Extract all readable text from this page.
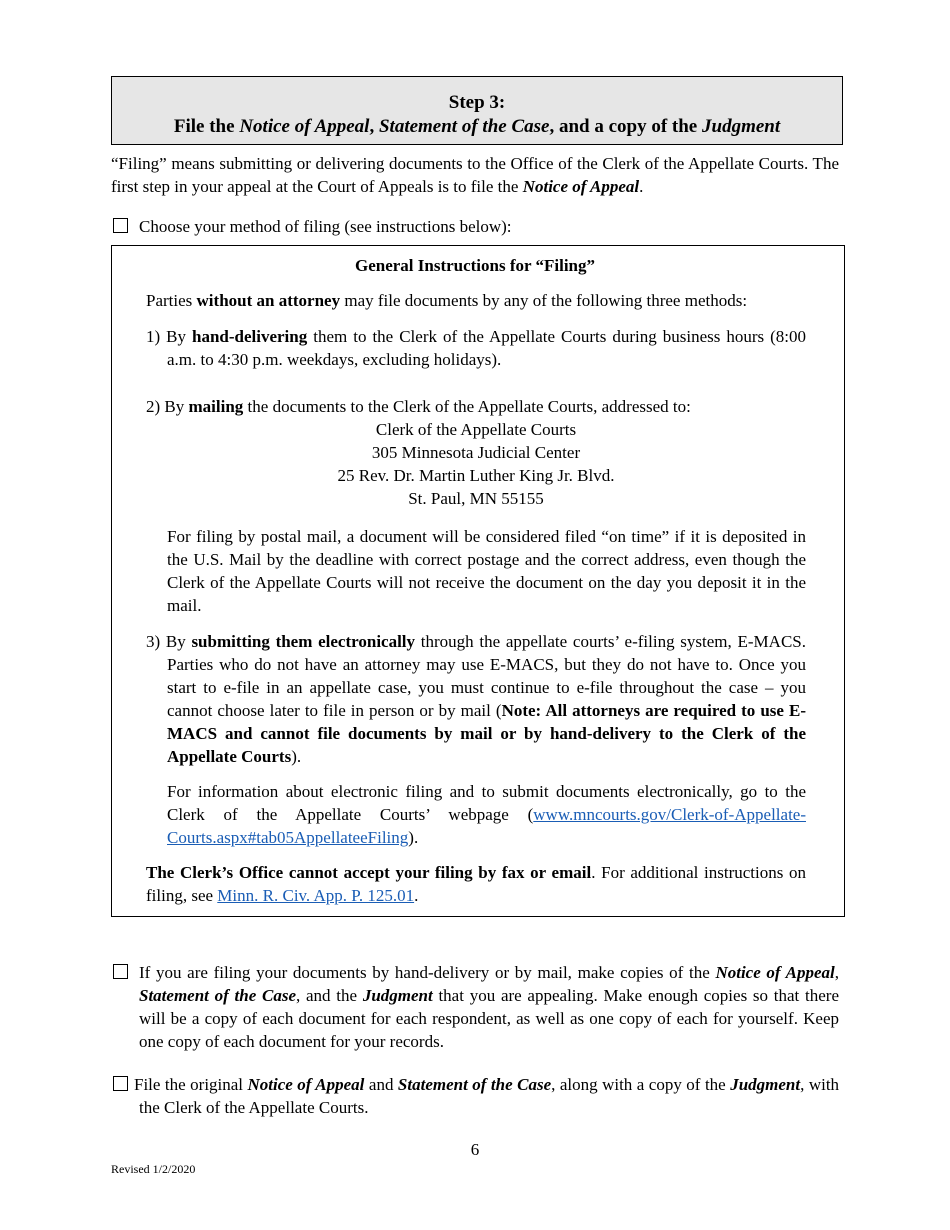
Step 3:
File the Notice of Appeal, Statement of the Case, and a copy of the Judgment
“Filing” means submitting or delivering documents to the Office of the Clerk of the Appellate Courts. The first step in your appeal at the Court of Appeals is to file the Notice of Appeal.
Choose your method of filing (see instructions below):
General Instructions for “Filing”
Parties without an attorney may file documents by any of the following three methods:
1) By hand-delivering them to the Clerk of the Appellate Courts during business hours (8:00 a.m. to 4:30 p.m. weekdays, excluding holidays).
2) By mailing the documents to the Clerk of the Appellate Courts, addressed to:
Clerk of the Appellate Courts
305 Minnesota Judicial Center
25 Rev. Dr. Martin Luther King Jr. Blvd.
St. Paul, MN 55155
For filing by postal mail, a document will be considered filed “on time” if it is deposited in the U.S. Mail by the deadline with correct postage and the correct address, even though the Clerk of the Appellate Courts will not receive the document on the day you deposit it in the mail.
3) By submitting them electronically through the appellate courts’ e-filing system, E-MACS. Parties who do not have an attorney may use E-MACS, but they do not have to. Once you start to e-file in an appellate case, you must continue to e-file throughout the case – you cannot choose later to file in person or by mail (Note: All attorneys are required to use E-MACS and cannot file documents by mail or by hand-delivery to the Clerk of the Appellate Courts).
For information about electronic filing and to submit documents electronically, go to the Clerk of the Appellate Courts’ webpage (www.mncourts.gov/Clerk-of-Appellate-Courts.aspx#tab05AppellateeFiling).
The Clerk’s Office cannot accept your filing by fax or email. For additional instructions on filing, see Minn. R. Civ. App. P. 125.01.
If you are filing your documents by hand-delivery or by mail, make copies of the Notice of Appeal, Statement of the Case, and the Judgment that you are appealing. Make enough copies so that there will be a copy of each document for each respondent, as well as one copy of each for yourself. Keep one copy of each document for your records.
File the original Notice of Appeal and Statement of the Case, along with a copy of the Judgment, with the Clerk of the Appellate Courts.
6
Revised 1/2/2020
